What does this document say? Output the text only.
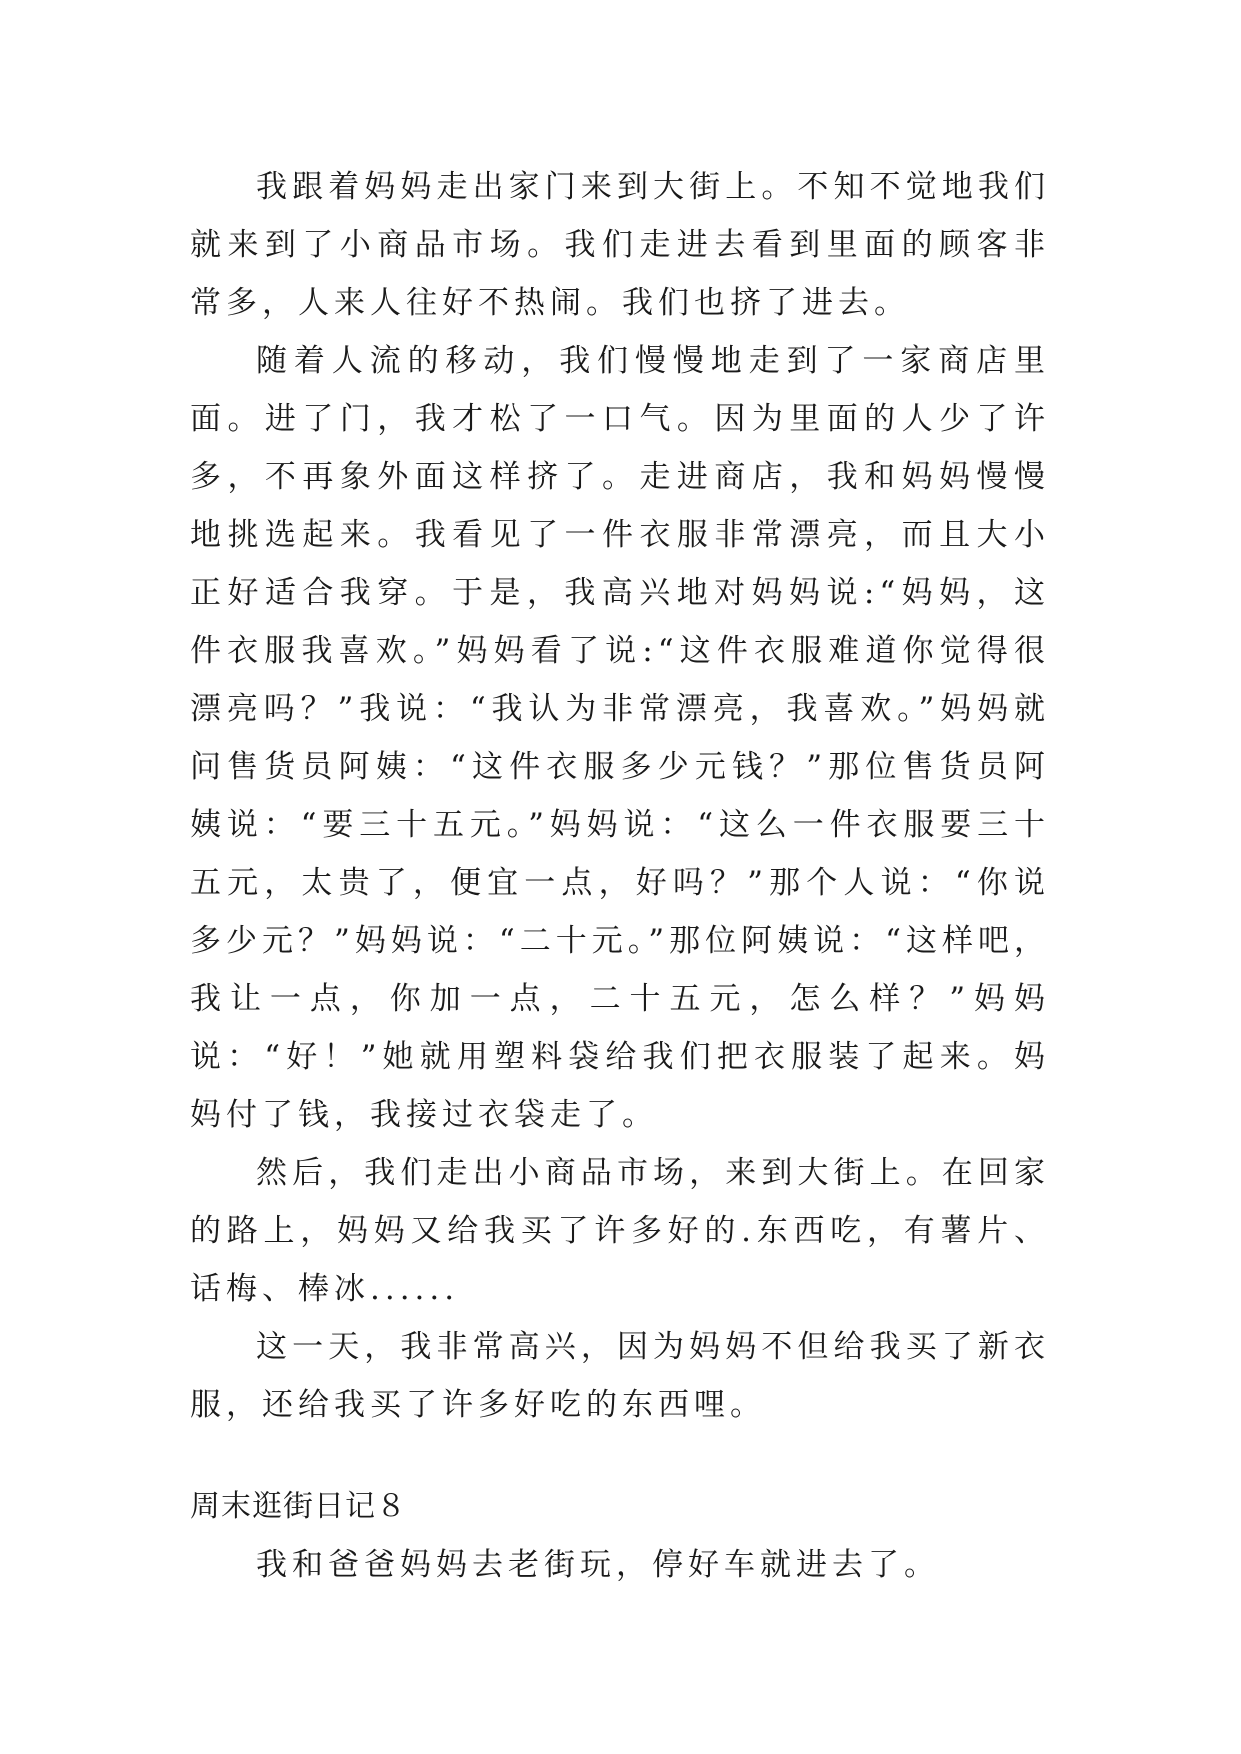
我跟着妈妈走出家门来到大街上。不知不觉地我们就来到了小商品市场。我们走进去看到里面的顾客非常多，人来人往好不热闹。我们也挤了进去。

随着人流的移动，我们慢慢地走到了一家商店里面。进了门，我才松了一口气。因为里面的人少了许多，不再象外面这样挤了。走进商店，我和妈妈慢慢地挑选起来。我看见了一件衣服非常漂亮，而且大小正好适合我穿。于是，我高兴地对妈妈说:“妈妈，这件衣服我喜欢。”妈妈看了说:“这件衣服难道你觉得很漂亮吗？”我说：“我认为非常漂亮，我喜欢。”妈妈就问售货员阿姨：“这件衣服多少元钱？”那位售货员阿姨说：“要三十五元。”妈妈说：“这么一件衣服要三十五元，太贵了，便宜一点，好吗？”那个人说：“你说多少元？”妈妈说：“二十元。”那位阿姨说：“这样吧，我让一点，你加一点，二十五元，怎么样？”妈妈说：“好！”她就用塑料袋给我们把衣服装了起来。妈妈付了钱，我接过衣袋走了。

然后，我们走出小商品市场，来到大街上。在回家的路上，妈妈又给我买了许多好的.东西吃，有薯片、话梅、棒冰......

这一天，我非常高兴，因为妈妈不但给我买了新衣服，还给我买了许多好吃的东西哩。

周末逛街日记８

我和爸爸妈妈去老街玩，停好车就进去了。
